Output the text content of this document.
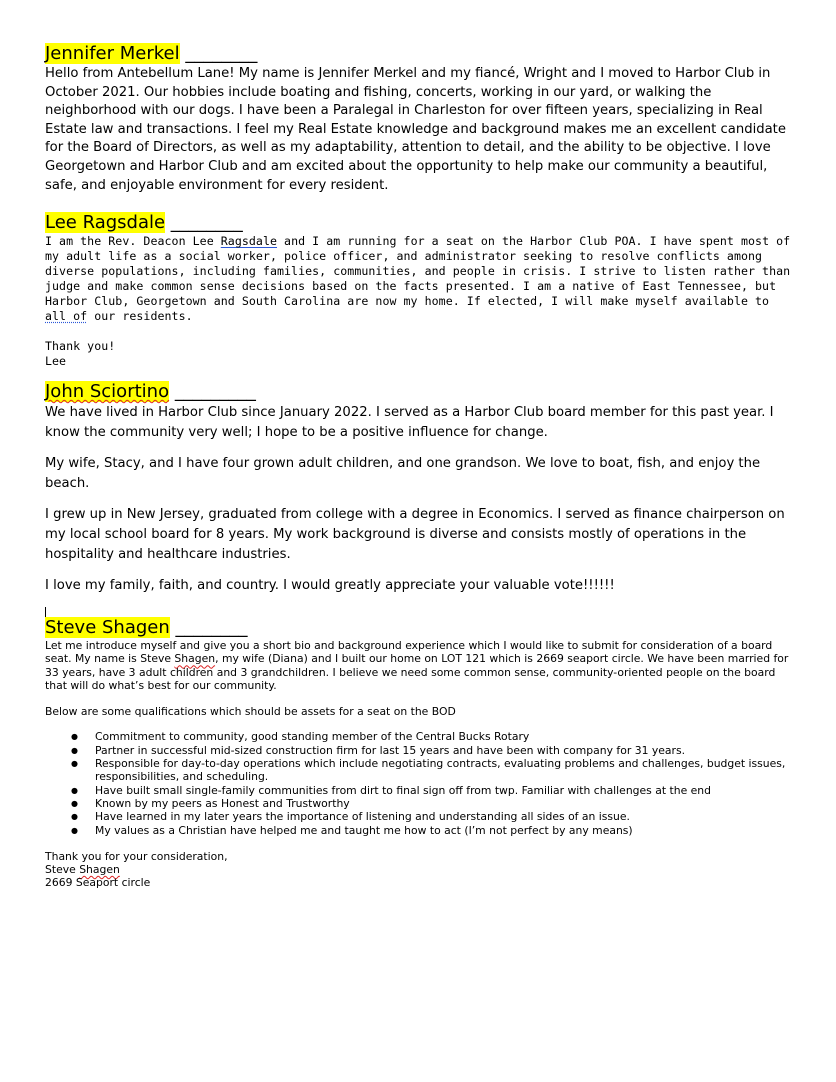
Jennifer Merkel ________

Hello from Antebellum Lane! My name is Jennifer Merkel and my fiancé, Wright and I moved to Harbor Club in October 2021. Our hobbies include boating and fishing, concerts, working in our yard, or walking the neighborhood with our dogs. I have been a Paralegal in Charleston for over fifteen years, specializing in Real Estate law and transactions. I feel my Real Estate knowledge and background makes me an excellent candidate for the Board of Directors, as well as my adaptability, attention to detail, and the ability to be objective. I love Georgetown and Harbor Club and am excited about the opportunity to help make our community a beautiful, safe, and enjoyable environment for every resident.

Lee Ragsdale ________

I am the Rev. Deacon Lee Ragsdale and I am running for a seat on the Harbor Club POA. I have spent most of my adult life as a social worker, police officer, and administrator seeking to resolve conflicts among diverse populations, including families, communities, and people in crisis. I strive to listen rather than judge and make common sense decisions based on the facts presented. I am a native of East Tennessee, but Harbor Club, Georgetown and South Carolina are now my home. If elected, I will make myself available to all of our residents.

Thank you!
Lee
John Sciortino _________

We have lived in Harbor Club since January 2022. I served as a Harbor Club board member for this past year. I know the community very well; I hope to be a positive influence for change.

My wife, Stacy, and I have four grown adult children, and one grandson. We love to boat, fish, and enjoy the beach.

I grew up in New Jersey, graduated from college with a degree in Economics. I served as finance chairperson on my local school board for 8 years. My work background is diverse and consists mostly of operations in the hospitality and healthcare industries.

I love my family, faith, and country. I would greatly appreciate your valuable vote!!!!!!

Steve Shagen ________

Let me introduce myself and give you a short bio and background experience which I would like to submit for consideration of a board seat. My name is Steve Shagen, my wife (Diana) and I built our home on LOT 121 which is 2669 seaport circle. We have been married for 33 years, have 3 adult children and 3 grandchildren. I believe we need some common sense, community-oriented people on the board that will do what’s best for our community.

Below are some qualifications which should be assets for a seat on the BOD

● Commitment to community, good standing member of the Central Bucks Rotary
● Partner in successful mid-sized construction firm for last 15 years and have been with company for 31 years.
● Responsible for day-to-day operations which include negotiating contracts, evaluating problems and challenges, budget issues, responsibilities, and scheduling.
● Have built small single-family communities from dirt to final sign off from twp. Familiar with challenges at the end
● Known by my peers as Honest and Trustworthy
● Have learned in my later years the importance of listening and understanding all sides of an issue.
● My values as a Christian have helped me and taught me how to act (I’m not perfect by any means)
Thank you for your consideration,
Steve Shagen
2669 Seaport circle
